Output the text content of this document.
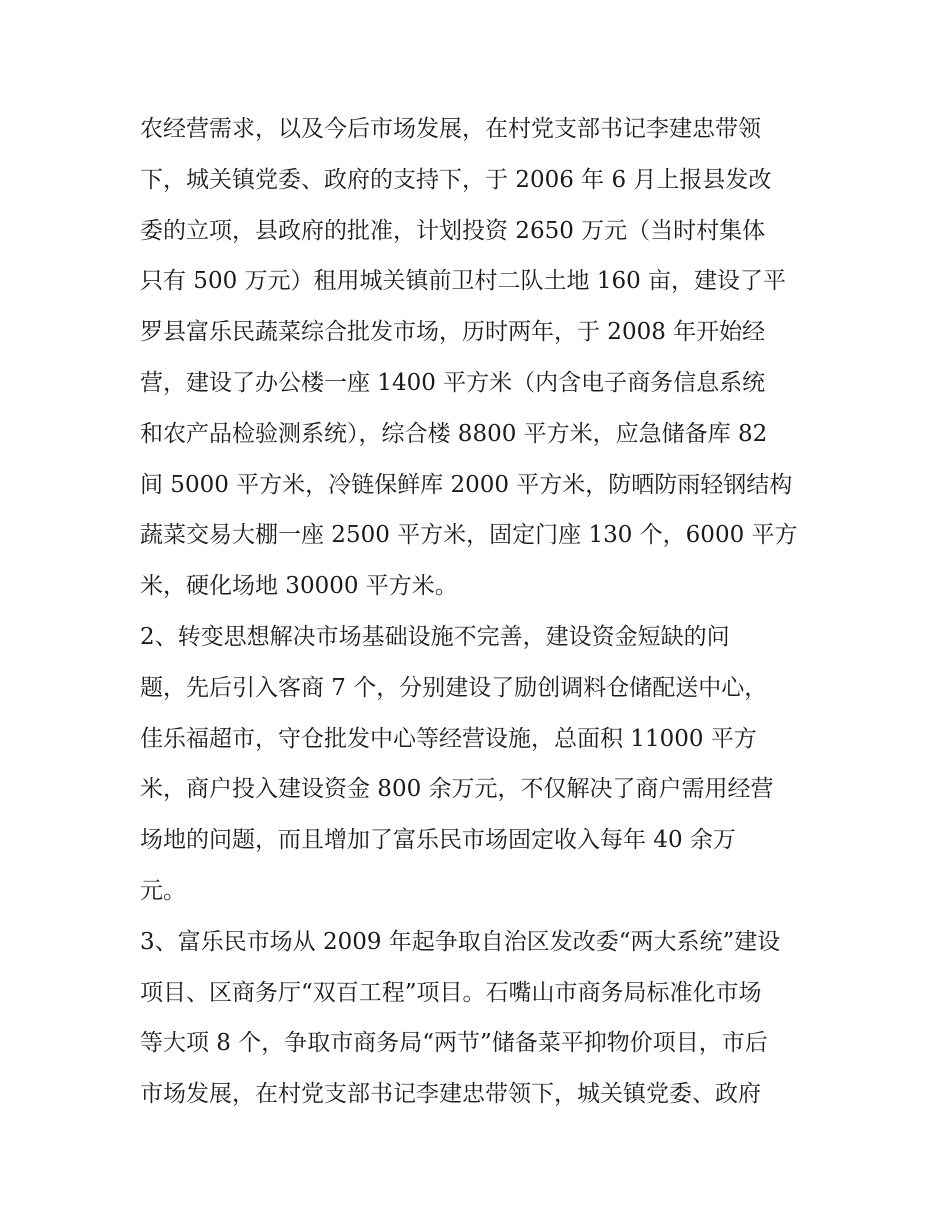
农经营需求，以及今后市场发展，在村党支部书记李建忠带领
下，城关镇党委、政府的支持下，于 2006 年 6 月上报县发改
委的立项，县政府的批准，计划投资 2650 万元（当时村集体
只有 500 万元）租用城关镇前卫村二队土地 160 亩，建设了平
罗县富乐民蔬菜综合批发市场，历时两年，于 2008 年开始经
营，建设了办公楼一座 1400 平方米（内含电子商务信息系统
和农产品检验测系统），综合楼 8800 平方米，应急储备库 82
间 5000 平方米，冷链保鲜库 2000 平方米，防晒防雨轻钢结构
蔬菜交易大棚一座 2500 平方米，固定门座 130 个，6000 平方
米，硬化场地 30000 平方米。
2、转变思想解决市场基础设施不完善，建设资金短缺的问
题，先后引入客商 7 个，分别建设了励创调料仓储配送中心，
佳乐福超市，守仓批发中心等经营设施，总面积 11000 平方
米，商户投入建设资金 800 余万元，不仅解决了商户需用经营
场地的问题，而且增加了富乐民市场固定收入每年 40 余万
元。
3、富乐民市场从 2009 年起争取自治区发改委“两大系统”建设
项目、区商务厅“双百工程”项目。石嘴山市商务局标准化市场
等大项 8 个，争取市商务局“两节”储备菜平抑物价项目，市后
市场发展，在村党支部书记李建忠带领下，城关镇党委、政府
